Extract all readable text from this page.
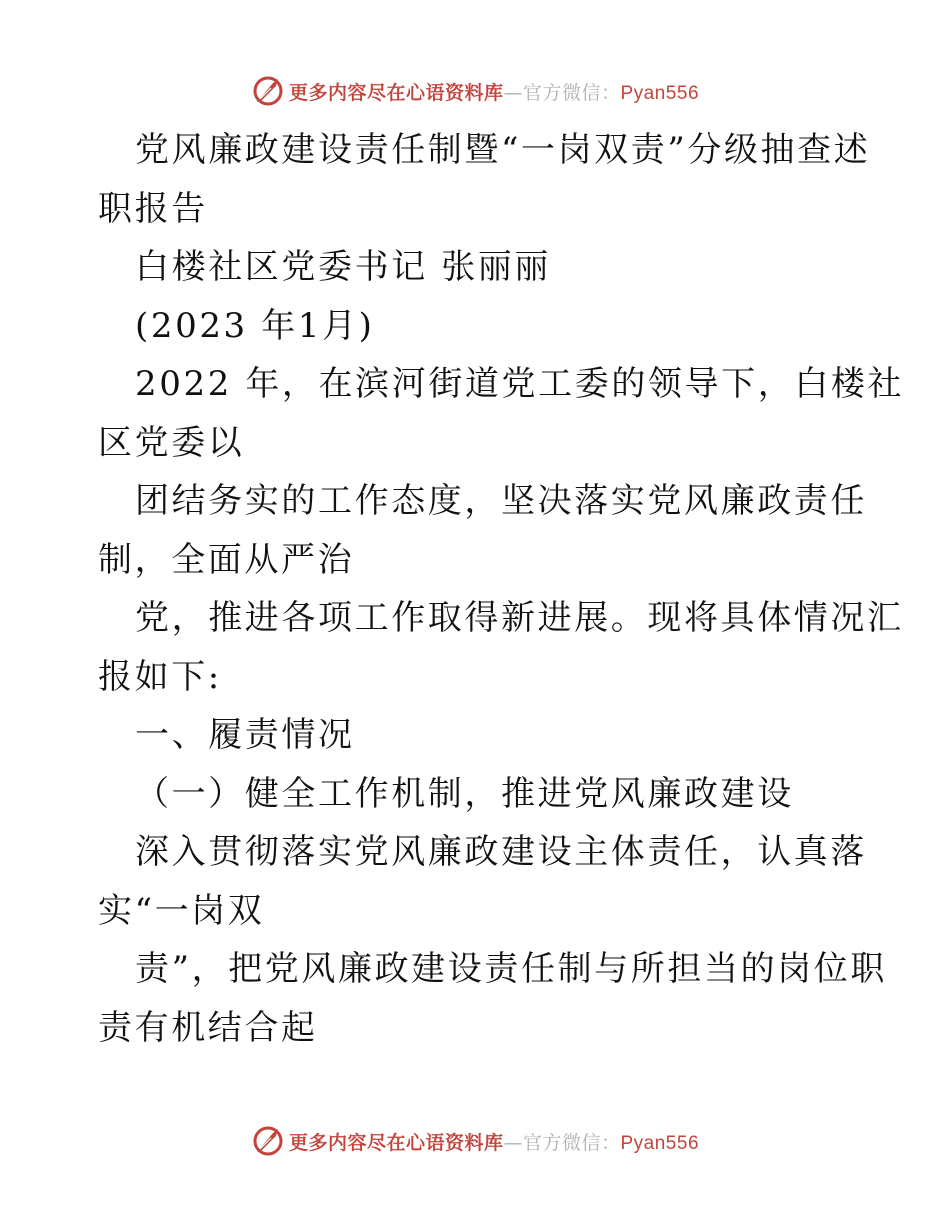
更多内容尽在心语资料库—官方微信：Pyan556
党风廉政建设责任制暨“一岗双责”分级抽查述
职报告
白楼社区党委书记 张丽丽
(2023 年1月)
2022 年，在滨河街道党工委的领导下，白楼社
区党委以
团结务实的工作态度，坚决落实党风廉政责任
制，全面从严治
党，推进各项工作取得新进展。现将具体情况汇
报如下:
一、履责情况
（一）健全工作机制，推进党风廉政建设
深入贯彻落实党风廉政建设主体责任，认真落
实“一岗双
责”，把党风廉政建设责任制与所担当的岗位职
责有机结合起
更多内容尽在心语资料库—官方微信：Pyan556
